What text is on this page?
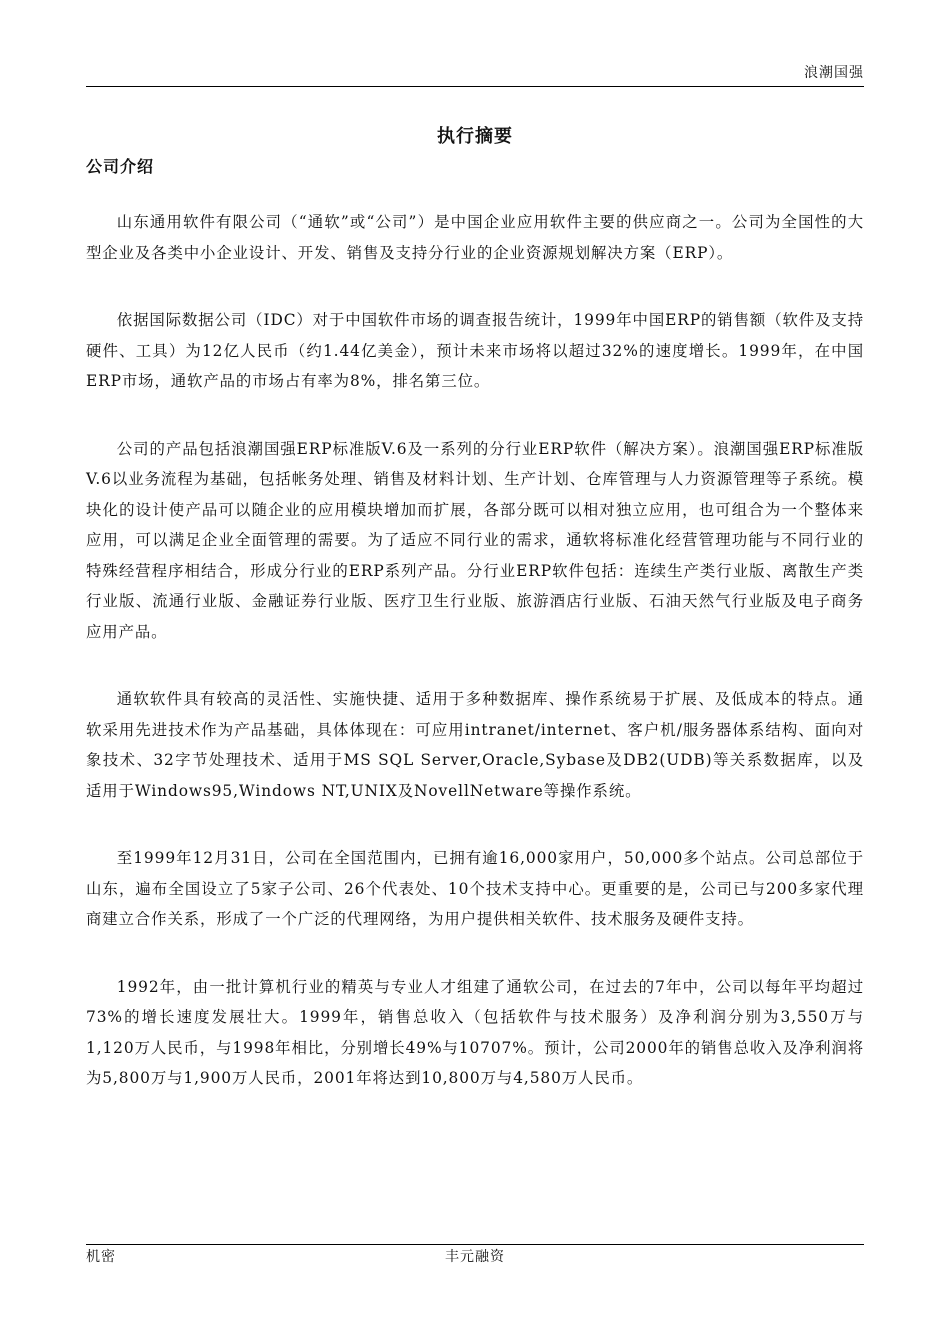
浪潮国强
执行摘要
公司介绍

山东通用软件有限公司（“通软”或“公司”）是中国企业应用软件主要的供应商之一。公司为全国性的大型企业及各类中小企业设计、开发、销售及支持分行业的企业资源规划解决方案（ERP）。

依据国际数据公司（IDC）对于中国软件市场的调查报告统计，1999年中国ERP的销售额（软件及支持硬件、工具）为12亿人民币（约1.44亿美金），预计未来市场将以超过32%的速度增长。1999年，在中国ERP市场，通软产品的市场占有率为8%，排名第三位。

公司的产品包括浪潮国强ERP标准版V.6及一系列的分行业ERP软件（解决方案）。浪潮国强ERP标准版V.6以业务流程为基础，包括帐务处理、销售及材料计划、生产计划、仓库管理与人力资源管理等子系统。模块化的设计使产品可以随企业的应用模块增加而扩展，各部分既可以相对独立应用，也可组合为一个整体来应用，可以满足企业全面管理的需要。为了适应不同行业的需求，通软将标准化经营管理功能与不同行业的特殊经营程序相结合，形成分行业的ERP系列产品。分行业ERP软件包括：连续生产类行业版、离散生产类行业版、流通行业版、金融证券行业版、医疗卫生行业版、旅游酒店行业版、石油天然气行业版及电子商务应用产品。

通软软件具有较高的灵活性、实施快捷、适用于多种数据库、操作系统易于扩展、及低成本的特点。通软采用先进技术作为产品基础，具体体现在：可应用intranet/internet、客户机/服务器体系结构、面向对象技术、32字节处理技术、适用于MS SQL Server,Oracle,Sybase及DB2(UDB)等关系数据库，以及适用于Windows95,Windows NT,UNIX及NovellNetware等操作系统。

至1999年12月31日，公司在全国范围内，已拥有逾16,000家用户，50,000多个站点。公司总部位于山东，遍布全国设立了5家子公司、26个代表处、10个技术支持中心。更重要的是，公司已与200多家代理商建立合作关系，形成了一个广泛的代理网络，为用户提供相关软件、技术服务及硬件支持。

1992年，由一批计算机行业的精英与专业人才组建了通软公司，在过去的7年中，公司以每年平均超过73%的增长速度发展壮大。1999年，销售总收入（包括软件与技术服务）及净利润分别为3,550万与1,120万人民币，与1998年相比，分别增长49%与10707%。预计，公司2000年的销售总收入及净利润将为5,800万与1,900万人民币，2001年将达到10,800万与4,580万人民币。

机密	丰元融资
